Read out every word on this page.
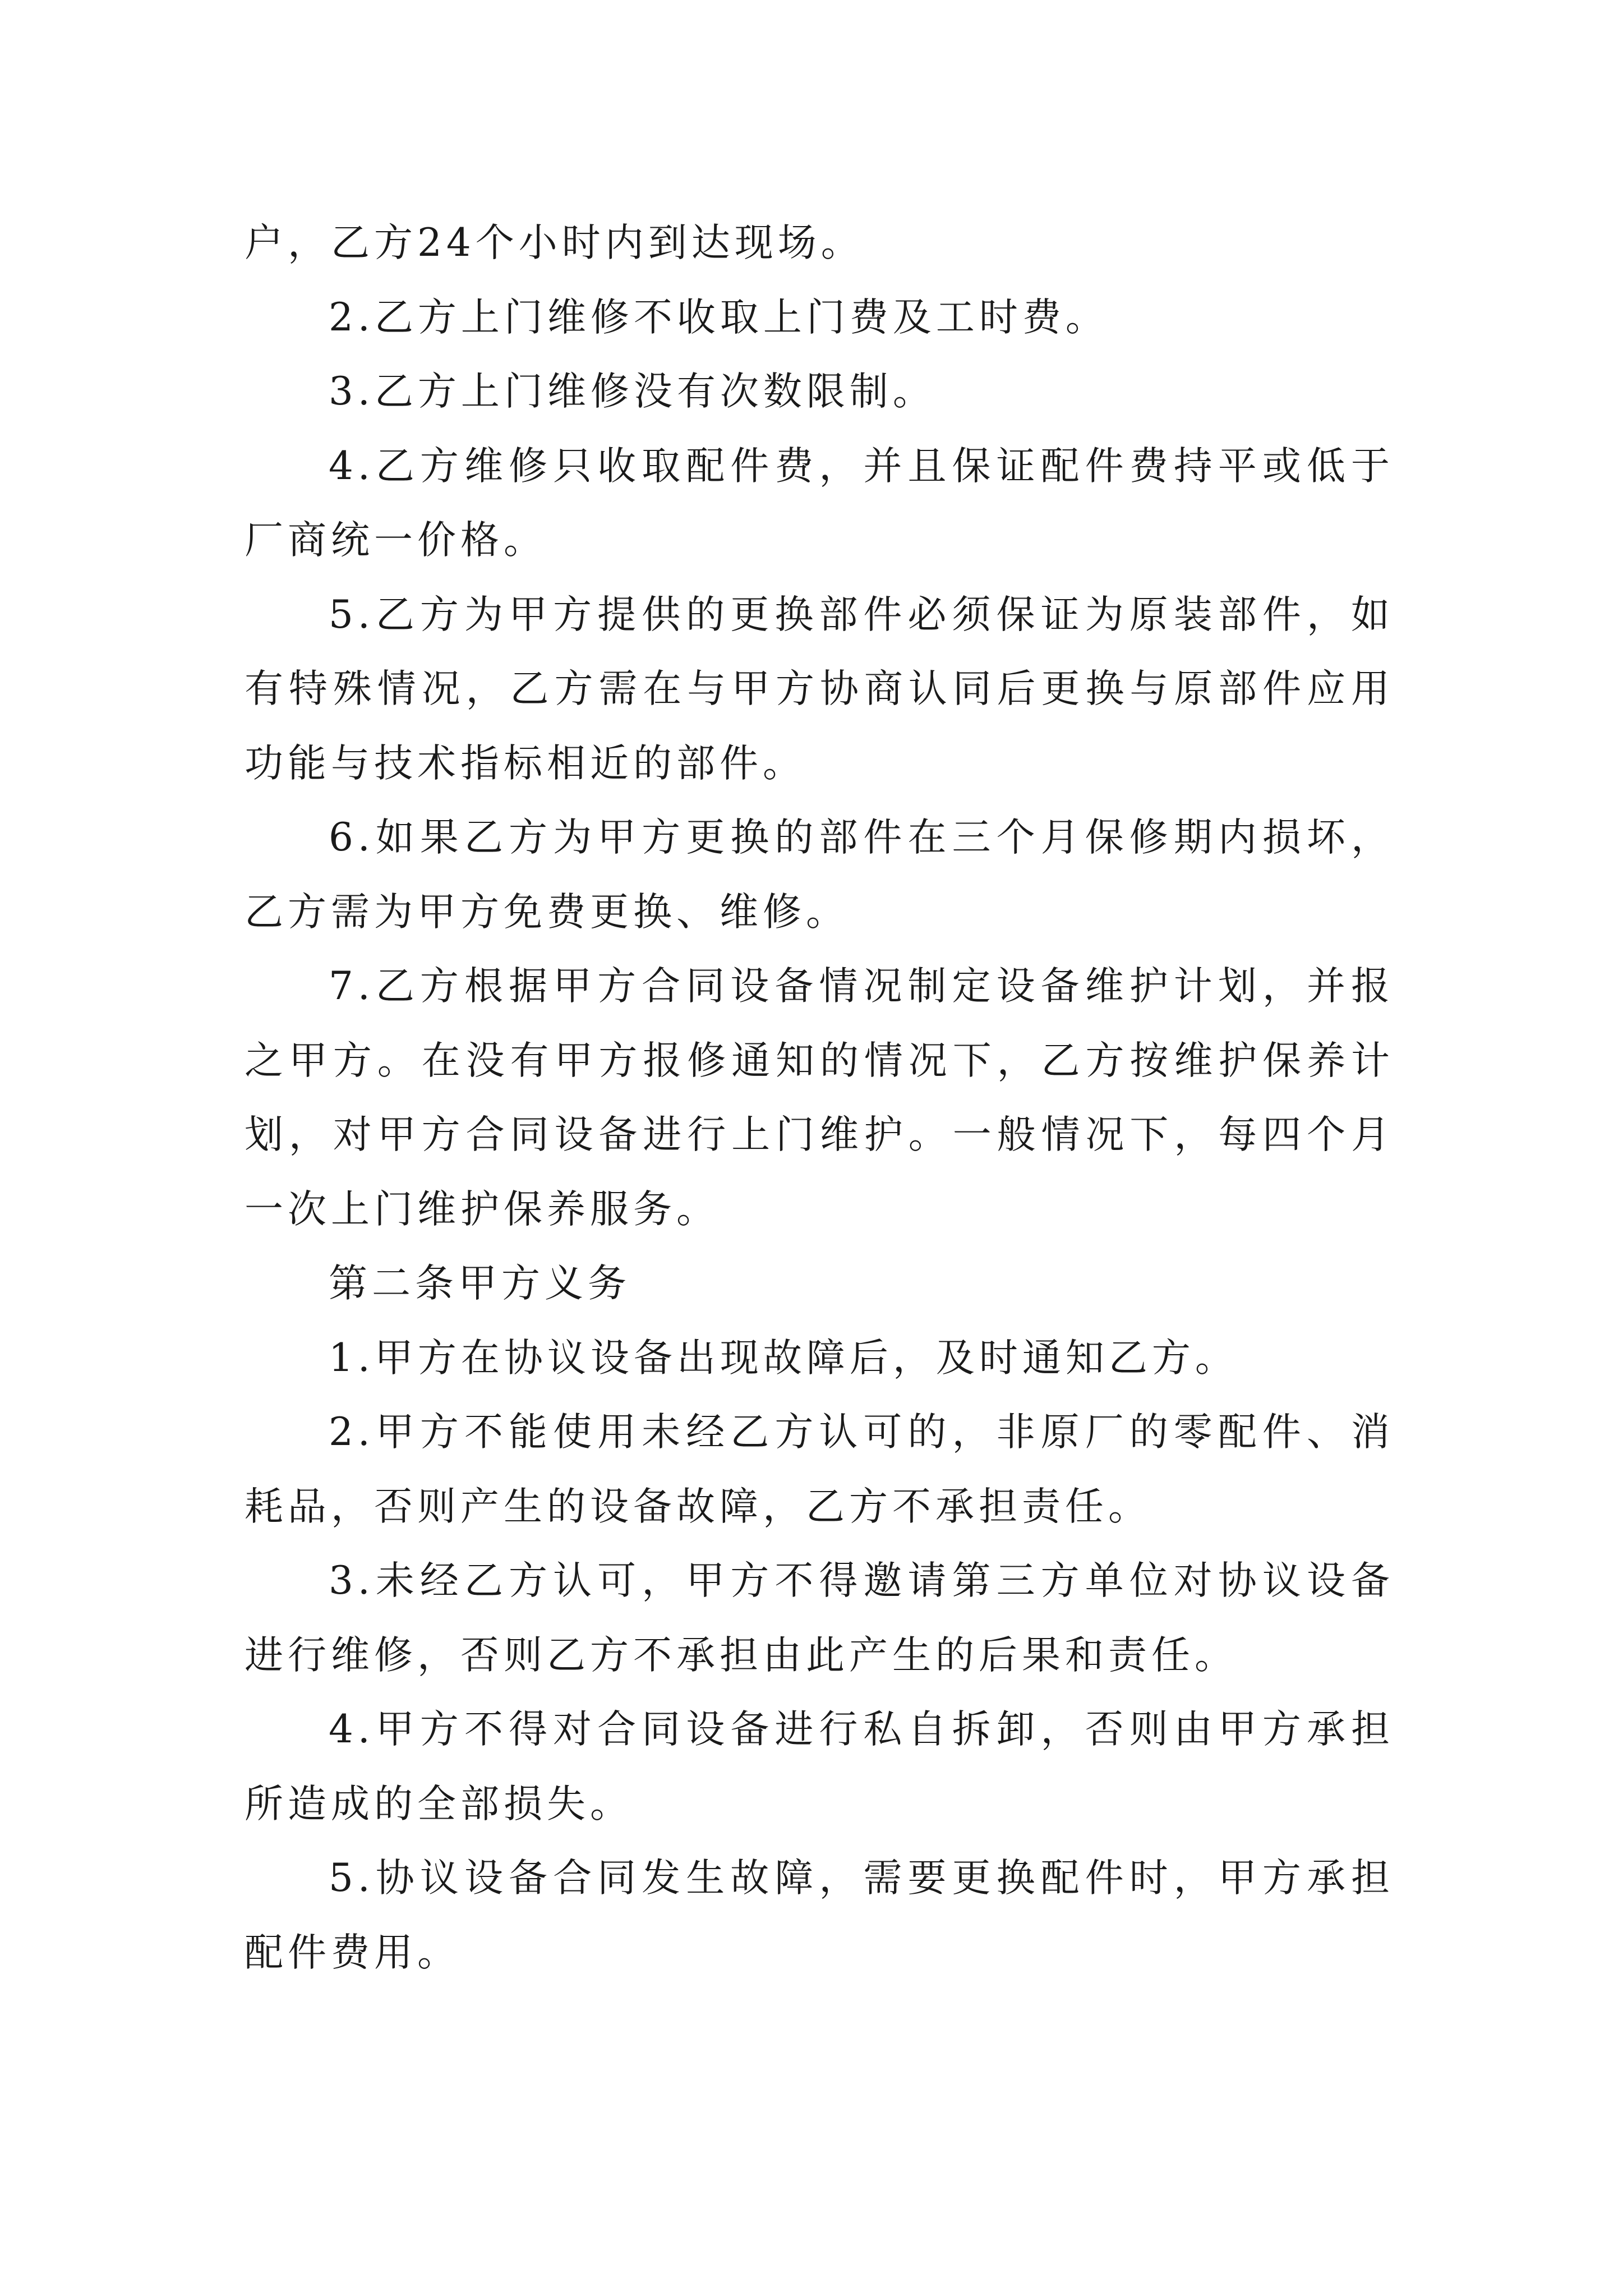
户，乙方24个小时内到达现场。

2.乙方上门维修不收取上门费及工时费。

3.乙方上门维修没有次数限制。

4.乙方维修只收取配件费，并且保证配件费持平或低于厂商统一价格。

5.乙方为甲方提供的更换部件必须保证为原装部件，如有特殊情况，乙方需在与甲方协商认同后更换与原部件应用功能与技术指标相近的部件。

6.如果乙方为甲方更换的部件在三个月保修期内损坏，乙方需为甲方免费更换、维修。

7.乙方根据甲方合同设备情况制定设备维护计划，并报之甲方。在没有甲方报修通知的情况下，乙方按维护保养计划，对甲方合同设备进行上门维护。一般情况下，每四个月一次上门维护保养服务。

第二条甲方义务

1.甲方在协议设备出现故障后，及时通知乙方。

2.甲方不能使用未经乙方认可的，非原厂的零配件、消耗品，否则产生的设备故障，乙方不承担责任。

3.未经乙方认可，甲方不得邀请第三方单位对协议设备进行维修，否则乙方不承担由此产生的后果和责任。

4.甲方不得对合同设备进行私自拆卸，否则由甲方承担所造成的全部损失。

5.协议设备合同发生故障，需要更换配件时，甲方承担配件费用。
